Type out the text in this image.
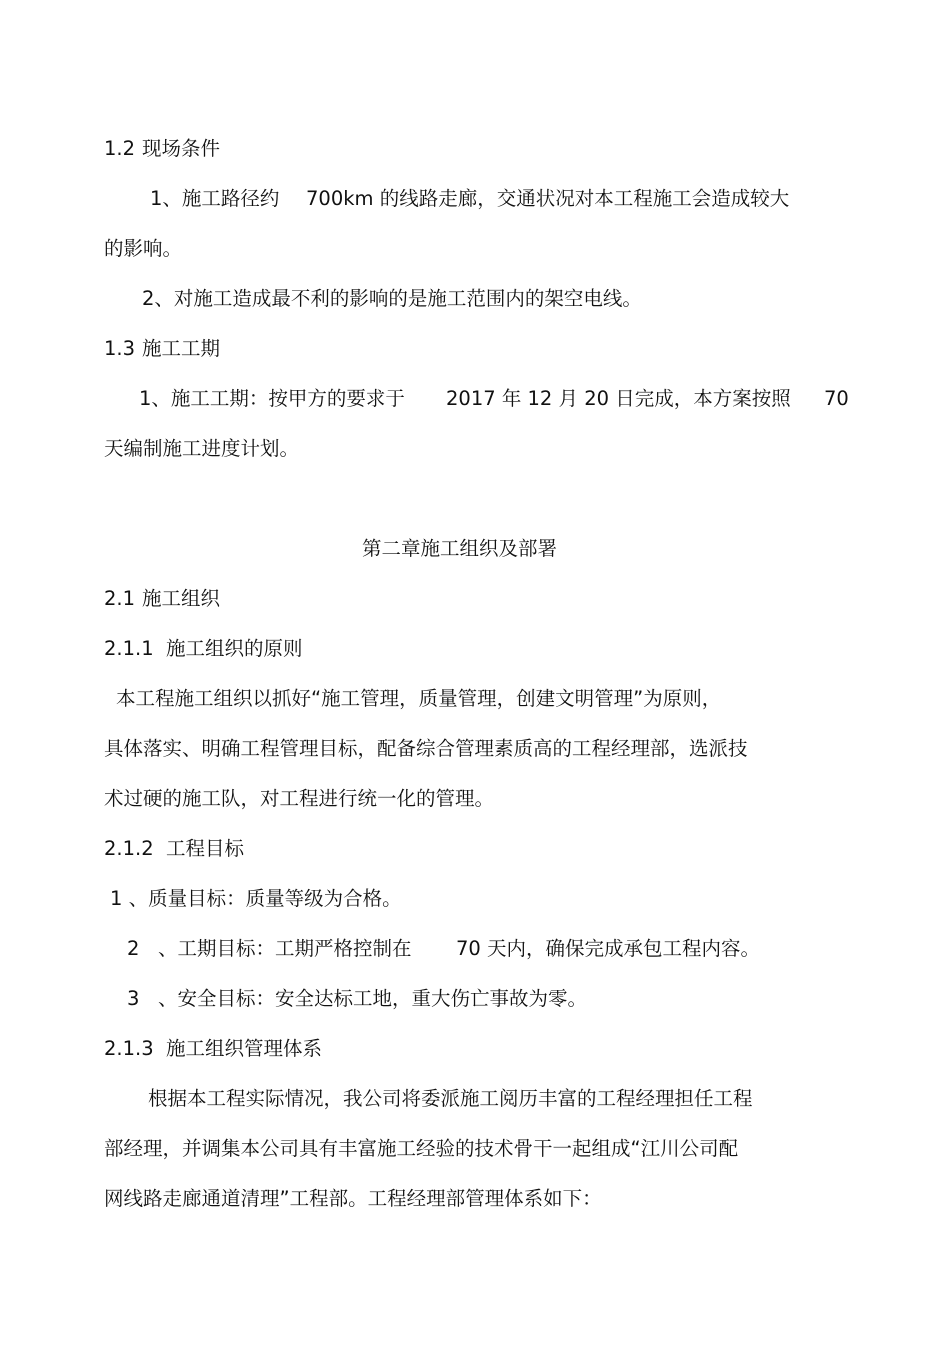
1.2 现场条件
1、施工路径约 700km 的线路走廊，交通状况对本工程施工会造成较大
的影响。
2、对施工造成最不利的影响的是施工范围内的架空电线。
1.3 施工工期
1、施工工期：按甲方的要求于 2017 年 12 月 20 日完成，本方案按照 70
天编制施工进度计划。
第二章施工组织及部署
2.1 施工组织
2.1.1 施工组织的原则
本工程施工组织以抓好“施工管理，质量管理，创建文明管理”为原则，
具体落实、明确工程管理目标，配备综合管理素质高的工程经理部，选派技
术过硬的施工队，对工程进行统一化的管理。
2.1.2 工程目标
1 、质量目标：质量等级为合格。
2 、工期目标：工期严格控制在 70 天内，确保完成承包工程内容。
3 、安全目标：安全达标工地，重大伤亡事故为零。
2.1.3 施工组织管理体系
根据本工程实际情况，我公司将委派施工阅历丰富的工程经理担任工程
部经理，并调集本公司具有丰富施工经验的技术骨干一起组成“江川公司配
网线路走廊通道清理”工程部。工程经理部管理体系如下：
